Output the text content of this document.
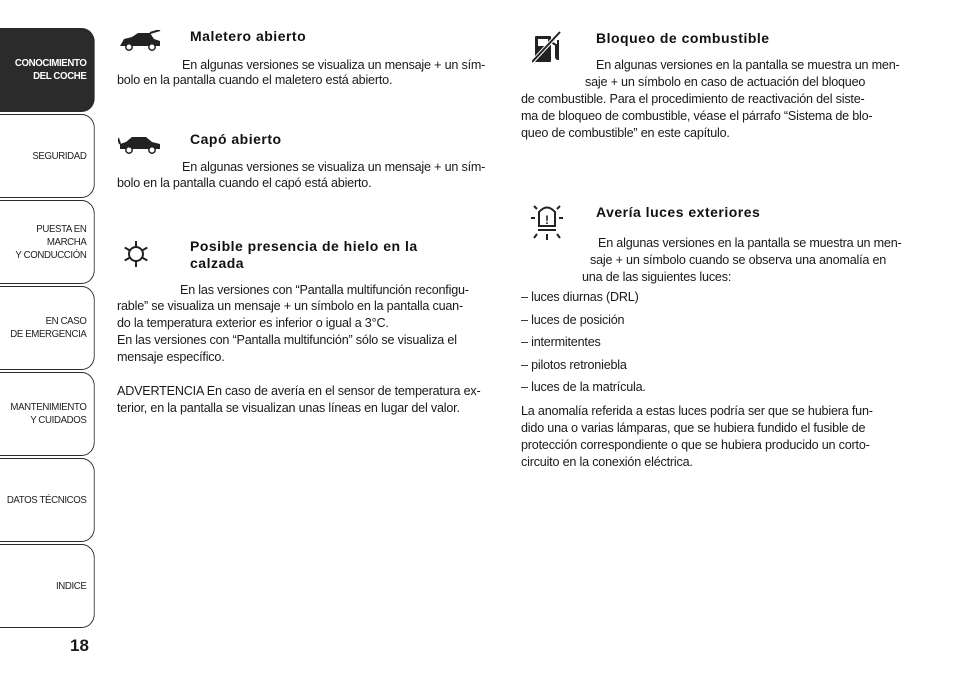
CONOCIMIENTO
DEL COCHE
SEGURIDAD
PUESTA EN MARCHA
Y CONDUCCIÓN
EN CASO
DE EMERGENCIA
MANTENIMIENTO
Y CUIDADOS
DATOS TÉCNICOS
INDICE
18
Maletero abierto
En algunas versiones se visualiza un mensaje + un sím-
bolo en la pantalla cuando el maletero está abierto.
Capó abierto
En algunas versiones se visualiza un mensaje + un sím-
bolo en la pantalla cuando el capó está abierto.
Posible presencia de hielo en la
calzada
En las versiones con “Pantalla multifunción reconfigu-
rable” se visualiza un mensaje + un símbolo en la pantalla cuan-
do la temperatura exterior es inferior o igual a 3°C.
En las versiones con “Pantalla multifunción” sólo se visualiza el
mensaje específico.
ADVERTENCIA En caso de avería en el sensor de temperatura ex-
terior, en la pantalla se visualizan unas líneas en lugar del valor.
Bloqueo de combustible
En algunas versiones en la pantalla se muestra un men-
saje + un símbolo en caso de actuación del bloqueo
de combustible. Para el procedimiento de reactivación del siste-
ma de bloqueo de combustible, véase el párrafo “Sistema de blo-
queo de combustible” en este capítulo.
!	Avería luces exteriores
En algunas versiones en la pantalla se muestra un men-
saje + un símbolo cuando se observa una anomalía en
una de las siguientes luces:
– luces diurnas (DRL)
– luces de posición
– intermitentes
– pilotos retroniebla
– luces de la matrícula.
La anomalía referida a estas luces podría ser que se hubiera fun-
dido una o varias lámparas, que se hubiera fundido el fusible de
protección correspondiente o que se hubiera producido un corto-
circuito en la conexión eléctrica.
